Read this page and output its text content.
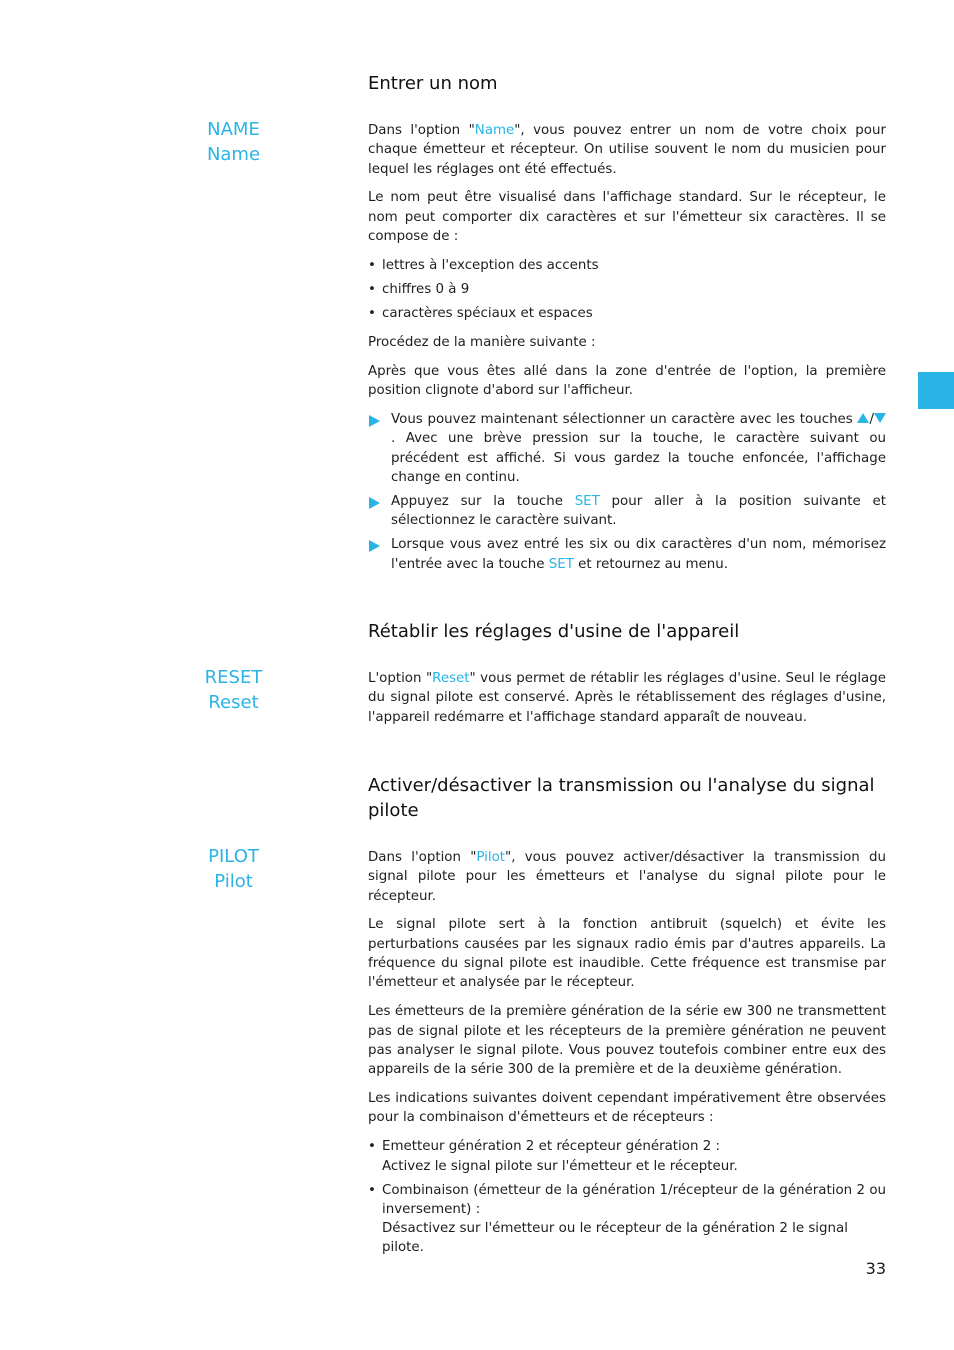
Entrer un nom
NAME
Name

Dans l'option "Name", vous pouvez entrer un nom de votre choix pour chaque émetteur et récepteur. On utilise souvent le nom du musicien pour lequel les réglages ont été effectués.

Le nom peut être visualisé dans l'affichage standard. Sur le récepteur, le nom peut comporter dix caractères et sur l'émetteur six caractères. Il se compose de :

• lettres à l'exception des accents
• chiffres 0 à 9
• caractères spéciaux et espaces

Procédez de la manière suivante :

Après que vous êtes allé dans la zone d'entrée de l'option, la première position clignote d'abord sur l'afficheur.

Vous pouvez maintenant sélectionner un caractère avec les touches /. Avec une brève pression sur la touche, le caractère suivant ou précédent est affiché. Si vous gardez la touche enfoncée, l'affichage change en continu.
Appuyez sur la touche SET pour aller à la position suivante et sélectionnez le caractère suivant.
Lorsque vous avez entré les six ou dix caractères d'un nom, mémorisez l'entrée avec la touche SET et retournez au menu.
Rétablir les réglages d'usine de l'appareil
RESET
Reset

L'option "Reset" vous permet de rétablir les réglages d'usine. Seul le réglage du signal pilote est conservé. Après le rétablissement des réglages d'usine, l'appareil redémarre et l'affichage standard apparaît de nouveau.

Activer/désactiver la transmission ou l'analyse du signal pilote
PILOT
Pilot

Dans l'option "Pilot", vous pouvez activer/désactiver la transmission du signal pilote pour les émetteurs et l'analyse du signal pilote pour le récepteur.

Le signal pilote sert à la fonction antibruit (squelch) et évite les perturbations causées par les signaux radio émis par d'autres appareils. La fréquence du signal pilote est inaudible. Cette fréquence est transmise par l'émetteur et analysée par le récepteur.

Les émetteurs de la première génération de la série ew 300 ne transmettent pas de signal pilote et les récepteurs de la première génération ne peuvent pas analyser le signal pilote. Vous pouvez toutefois combiner entre eux des appareils de la série 300 de la première et de la deuxième génération.

Les indications suivantes doivent cependant impérativement être observées pour la combinaison d'émetteurs et de récepteurs :

• Emetteur génération 2 et récepteur génération 2 :
Activez le signal pilote sur l'émetteur et le récepteur.
• Combinaison (émetteur de la génération 1/récepteur de la génération 2 ou inversement) :
Désactivez sur l'émetteur ou le récepteur de la génération 2 le signal pilote.
33
